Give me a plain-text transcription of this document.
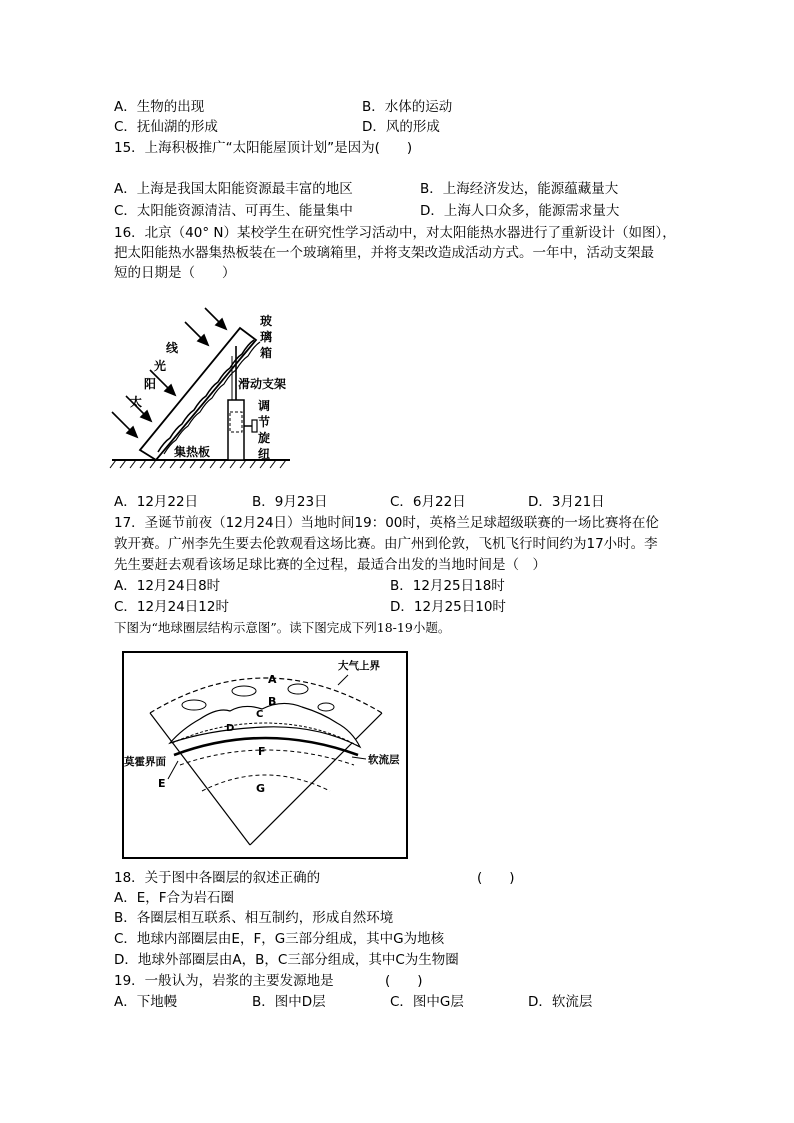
A．生物的出现	B．水体的运动
C．抚仙湖的形成	D．风的形成
15．上海积极推广“太阳能屋顶计划”是因为(　　)
A．上海是我国太阳能资源最丰富的地区	B．上海经济发达，能源蕴藏量大
C．太阳能资源清洁、可再生、能量集中	D．上海人口众多，能源需求量大
16．北京（40° N）某校学生在研究性学习活动中，对太阳能热水器进行了重新设计（如图），
把太阳能热水器集热板装在一个玻璃箱里，并将支架改造成活动方式。一年中，活动支架最
短的日期是（　　）
线
光
阳
太
玻
璃
箱
滑动支架
调
节
旋
纽
集热板
A．12月22日	B．9月23日	C．6月22日	D．3月21日
17．圣诞节前夜（12月24日）当地时间19：00时，英格兰足球超级联赛的一场比赛将在伦
敦开赛。广州李先生要去伦敦观看这场比赛。由广州到伦敦，飞机飞行时间约为17小时。李
先生要赶去观看该场足球比赛的全过程，最适合出发的当地时间是（　）
A．12月24日8时	B．12月25日18时
C．12月24日12时	D．12月25日10时
下图为“地球圈层结构示意图”。读下图完成下列18-19小题。
大气上界
A
B
C
D
F
G
E
莫霍界面	软流层
18．关于图中各圈层的叙述正确的	(　　)
A．E，F合为岩石圈
B．各圈层相互联系、相互制约，形成自然环境
C．地球内部圈层由E，F，G三部分组成，其中G为地核
D．地球外部圈层由A，B，C三部分组成，其中C为生物圈
19．一般认为，岩浆的主要发源地是	(　　)
A．下地幔	B．图中D层	C．图中G层	D．软流层
